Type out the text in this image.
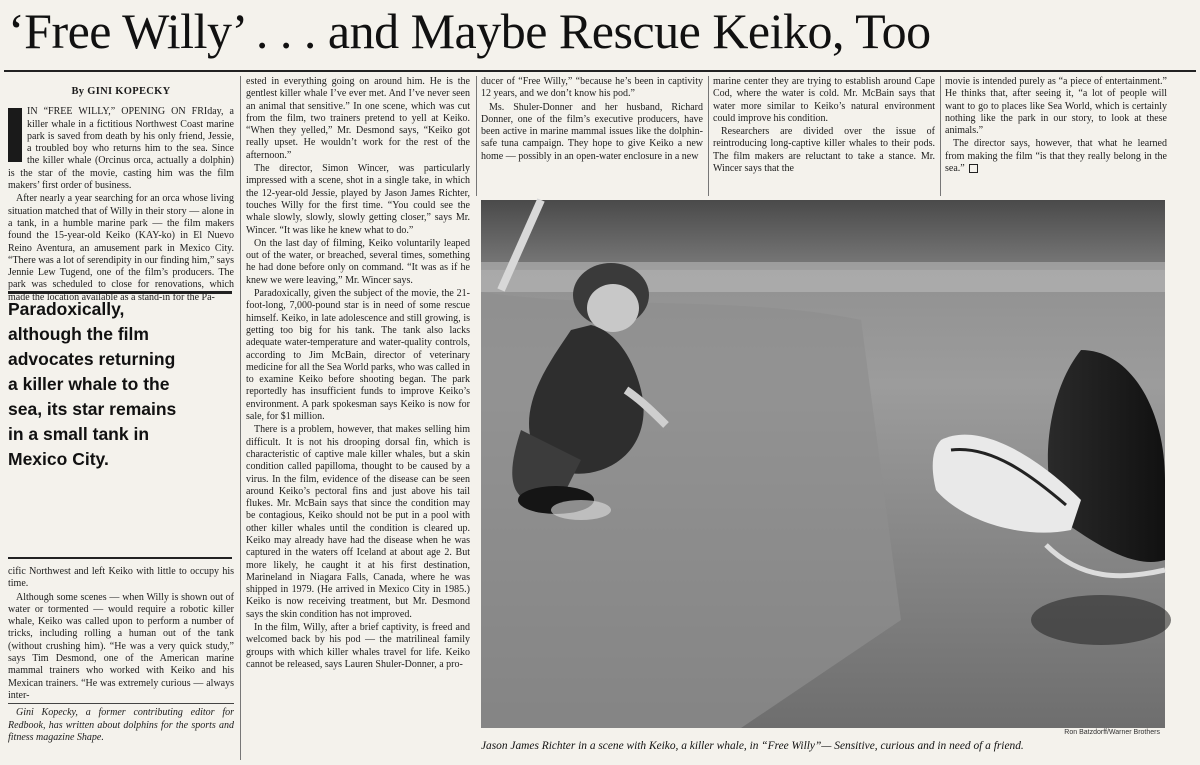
‘Free Willy’ . . . and Maybe Rescue Keiko, Too
By GINI KOPECKY

IN “FREE WILLY,” OPENING ON FRIday, a killer whale in a fictitious Northwest Coast marine park is saved from death by his only friend, Jessie, a troubled boy who returns him to the sea. Since the killer whale (Orcinus orca, actually a dolphin) is the star of the movie, casting him was the film makers’ first order of business.

After nearly a year searching for an orca whose living situation matched that of Willy in their story — alone in a tank, in a humble marine park — the film makers found the 15-year-old Keiko (KAY-ko) in El Nuevo Reino Aventura, an amusement park in Mexico City. “There was a lot of serendipity in our finding him,” says Jennie Lew Tugend, one of the film’s producers. The park was scheduled to close for renovations, which made the location available as a stand-in for the Pa-

Paradoxically,
although the film
advocates returning
a killer whale to the
sea, its star remains
in a small tank in
Mexico City.

cific Northwest and left Keiko with little to occupy his time.

Although some scenes — when Willy is shown out of water or tormented — would require a robotic killer whale, Keiko was called upon to perform a number of tricks, including rolling a human out of the tank (without crushing him). “He was a very quick study,” says Tim Desmond, one of the American marine mammal trainers who worked with Keiko and his Mexican trainers. “He was extremely curious — always inter-

Gini Kopecky, a former contributing editor for Redbook, has written about dolphins for the sports and fitness magazine Shape.

ested in everything going on around him. He is the gentlest killer whale I’ve ever met. And I’ve never seen an animal that sensitive.” In one scene, which was cut from the film, two trainers pretend to yell at Keiko. “When they yelled,” Mr. Desmond says, “Keiko got really upset. He wouldn’t work for the rest of the afternoon.”

The director, Simon Wincer, was particularly impressed with a scene, shot in a single take, in which the 12-year-old Jessie, played by Jason James Richter, touches Willy for the first time. “You could see the whale slowly, slowly, slowly getting closer,” says Mr. Wincer. “It was like he knew what to do.”

On the last day of filming, Keiko voluntarily leaped out of the water, or breached, several times, something he had done before only on command. “It was as if he knew we were leaving,” Mr. Wincer says.

Paradoxically, given the subject of the movie, the 21-foot-long, 7,000-pound star is in need of some rescue himself. Keiko, in late adolescence and still growing, is getting too big for his tank. The tank also lacks adequate water-temperature and water-quality controls, according to Jim McBain, director of veterinary medicine for all the Sea World parks, who was called in to examine Keiko before shooting began. The park reportedly has insufficient funds to improve Keiko’s environment. A park spokesman says Keiko is now for sale, for $1 million.

There is a problem, however, that makes selling him difficult. It is not his drooping dorsal fin, which is characteristic of captive male killer whales, but a skin condition called papilloma, thought to be caused by a virus. In the film, evidence of the disease can be seen around Keiko’s pectoral fins and just above his tail flukes. Mr. McBain says that since the condition may be contagious, Keiko should not be put in a pool with other killer whales until the condition is cleared up. Keiko may already have had the disease when he was captured in the waters off Iceland at about age 2. But more likely, he caught it at his first destination, Marineland in Niagara Falls, Canada, where he was shipped in 1979. (He arrived in Mexico City in 1985.) Keiko is now receiving treatment, but Mr. Desmond says the skin condition has not improved.

In the film, Willy, after a brief captivity, is freed and welcomed back by his pod — the matrilineal family groups with which killer whales travel for life. Keiko cannot be released, says Lauren Shuler-Donner, a pro-

ducer of “Free Willy,” “because he’s been in captivity 12 years, and we don’t know his pod.”

Ms. Shuler-Donner and her husband, Richard Donner, one of the film’s executive producers, have been active in marine mammal issues like the dolphin-safe tuna campaign. They hope to give Keiko a new home — possibly in an open-water enclosure in a new

marine center they are trying to establish around Cape Cod, where the water is cold. Mr. McBain says that water more similar to Keiko’s natural environment could improve his condition.

Researchers are divided over the issue of reintroducing long-captive killer whales to their pods. The film makers are reluctant to take a stance. Mr. Wincer says that the

movie is intended purely as “a piece of entertainment.” He thinks that, after seeing it, “a lot of people will want to go to places like Sea World, which is certainly nothing like the park in our story, to look at these animals.”

The director says, however, that what he learned from making the film “is that they really belong in the sea.”

Ron Batzdorff/Warner Brothers
Jason James Richter in a scene with Keiko, a killer whale, in “Free Willy”— Sensitive, curious and in need of a friend.
